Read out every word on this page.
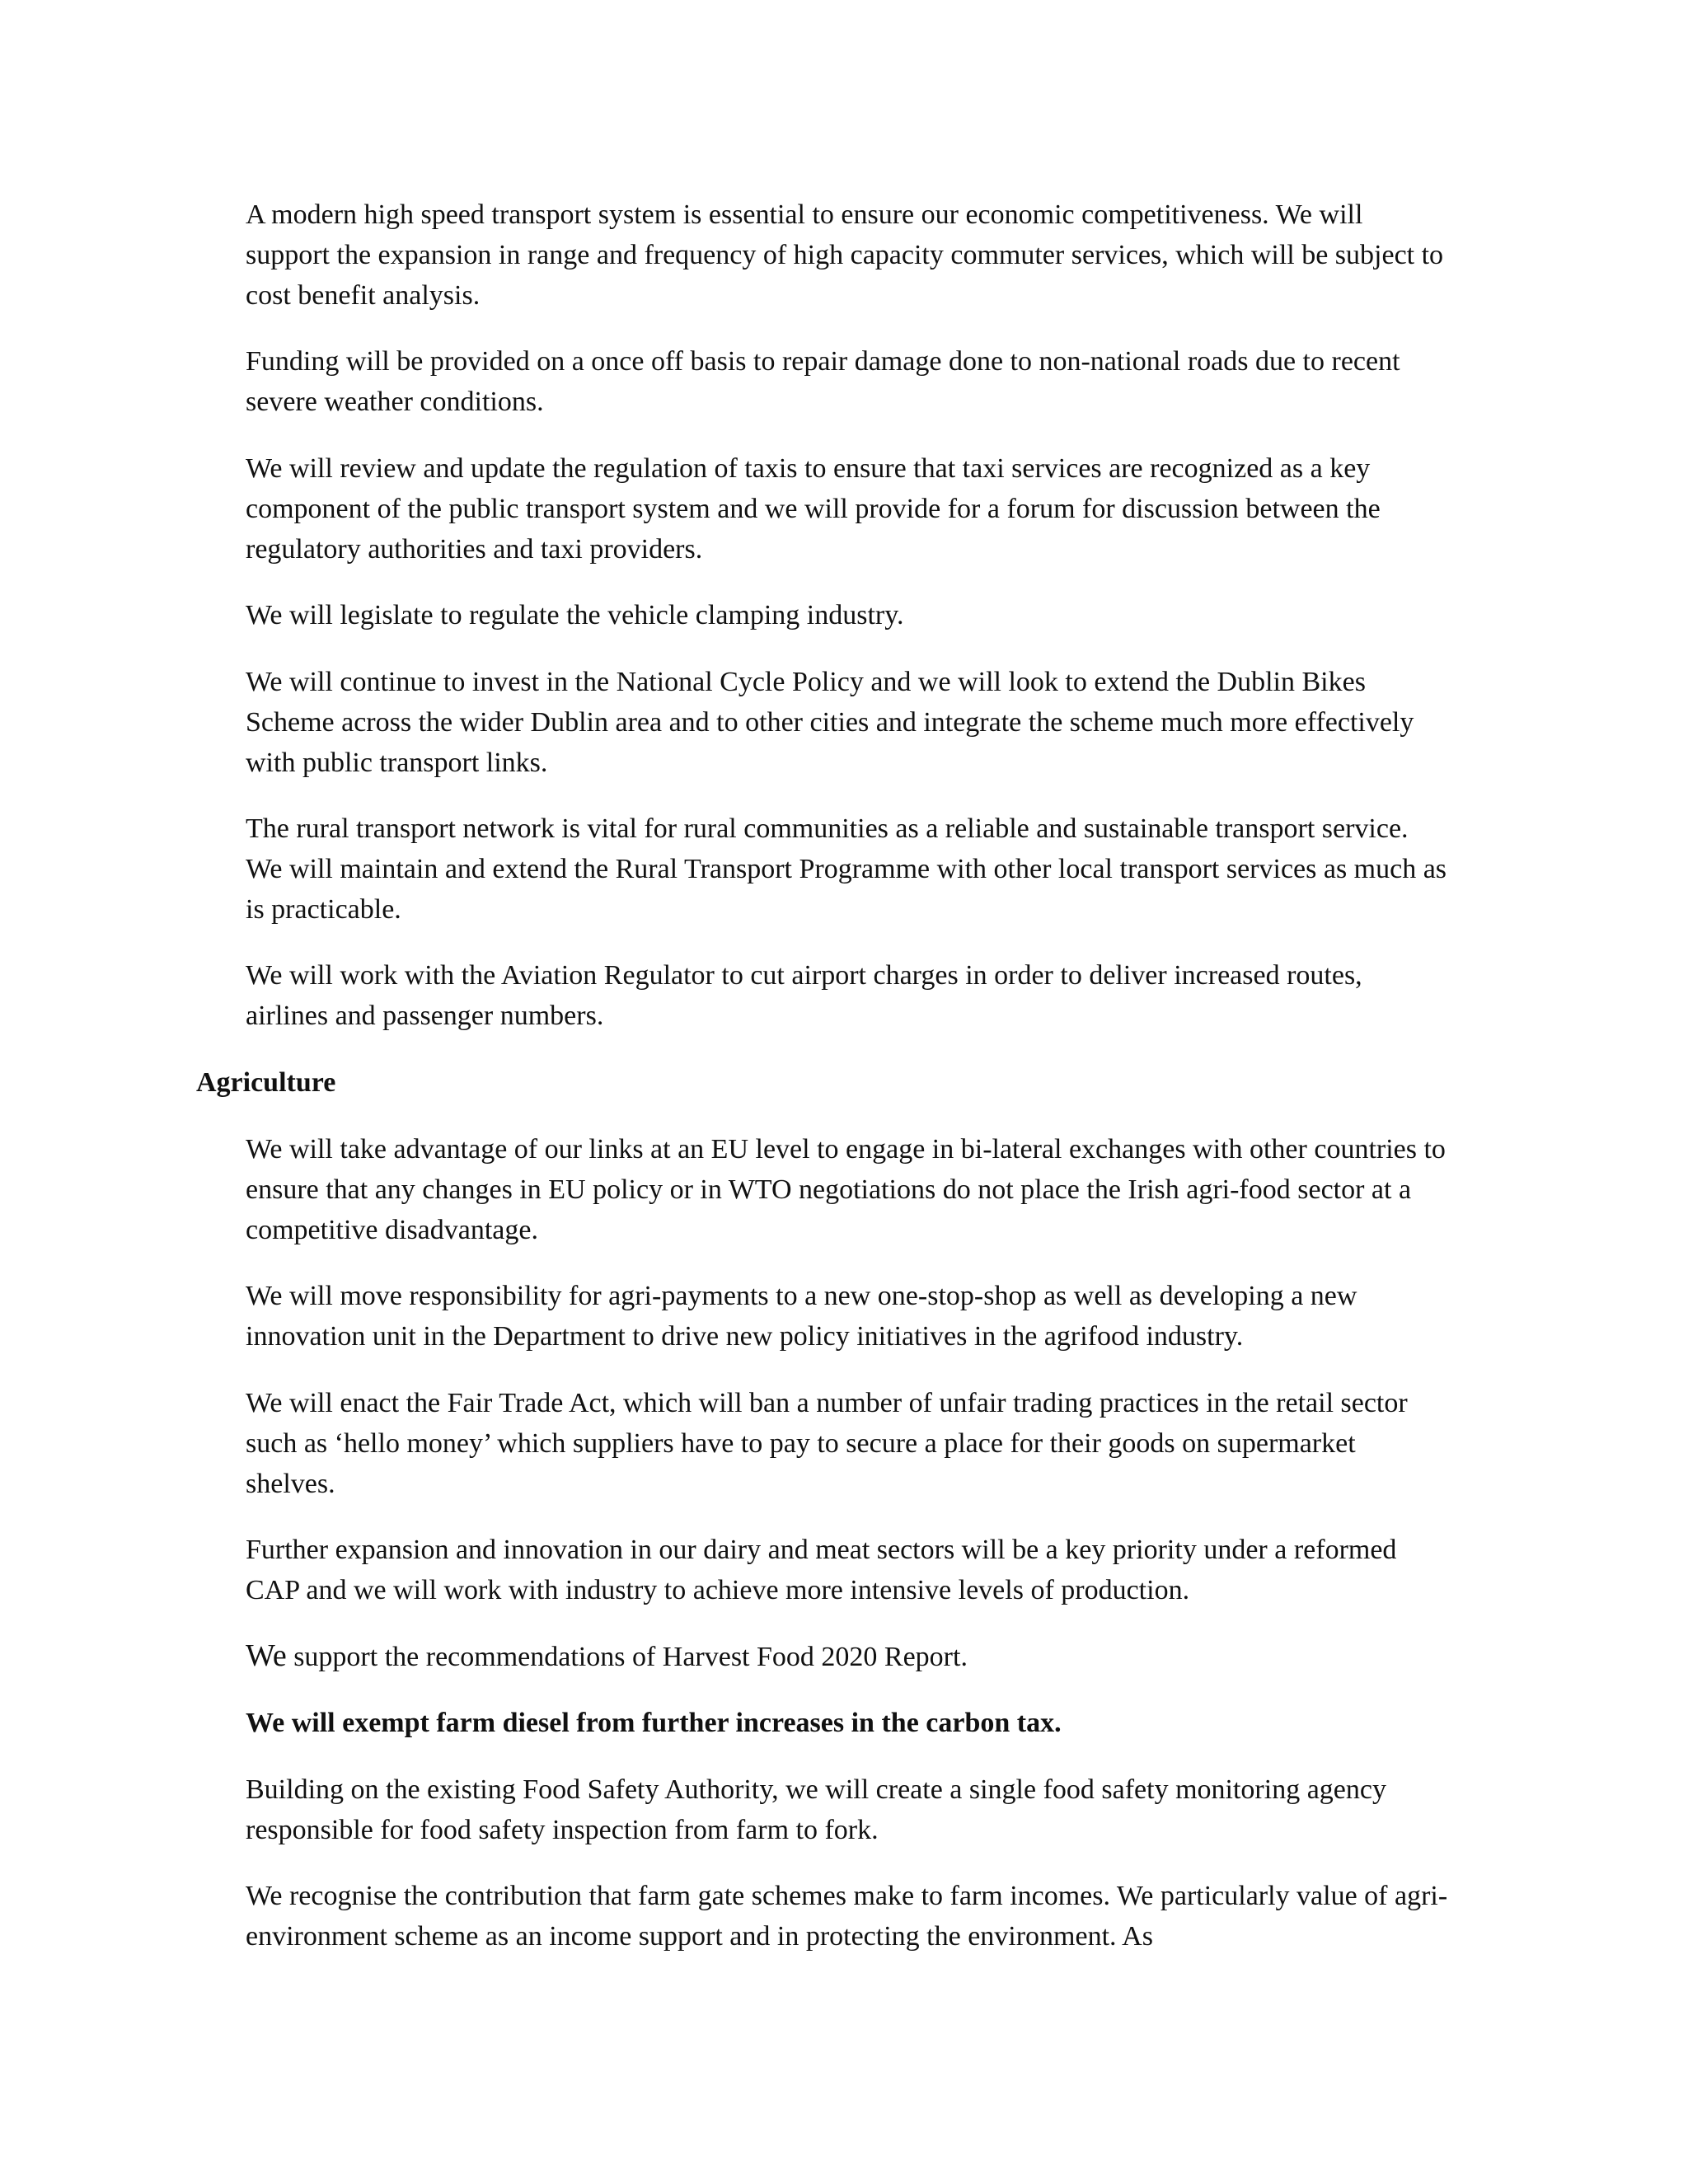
A modern high speed transport system is essential to ensure our economic competitiveness. We will support the expansion in range and frequency of high capacity commuter services, which will be subject to cost benefit analysis.

Funding will be provided on a once off basis to repair damage done to non-national roads due to recent severe weather conditions.

We will review and update the regulation of taxis to ensure that taxi services are recognized as a key component of the public transport system and we will provide for a forum for discussion between the regulatory authorities and taxi providers.

We will legislate to regulate the vehicle clamping industry.

We will continue to invest in the National Cycle Policy and we will look to extend the Dublin Bikes Scheme across the wider Dublin area and to other cities and integrate the scheme much more effectively with public transport links.

The rural transport network is vital for rural communities as a reliable and sustainable transport service. We will maintain and extend the Rural Transport Programme with other local transport services as much as is practicable.

We will work with the Aviation Regulator to cut airport charges in order to deliver increased routes, airlines and passenger numbers.

Agriculture

We will take advantage of our links at an EU level to engage in bi-lateral exchanges with other countries to ensure that any changes in EU policy or in WTO negotiations do not place the Irish agri-food sector at a competitive disadvantage.

We will move responsibility for agri-payments to a new one-stop-shop as well as developing a new innovation unit in the Department to drive new policy initiatives in the agrifood industry.

We will enact the Fair Trade Act, which will ban a number of unfair trading practices in the retail sector such as ‘hello money’ which suppliers have to pay to secure a place for their goods on supermarket shelves.

Further expansion and innovation in our dairy and meat sectors will be a key priority under a reformed CAP and we will work with industry to achieve more intensive levels of production.

We support the recommendations of Harvest Food 2020 Report.

We will exempt farm diesel from further increases in the carbon tax.

Building on the existing Food Safety Authority, we will create a single food safety monitoring agency responsible for food safety inspection from farm to fork.

We recognise the contribution that farm gate schemes make to farm incomes. We particularly value of agri-environment scheme as an income support and in protecting the environment. As
